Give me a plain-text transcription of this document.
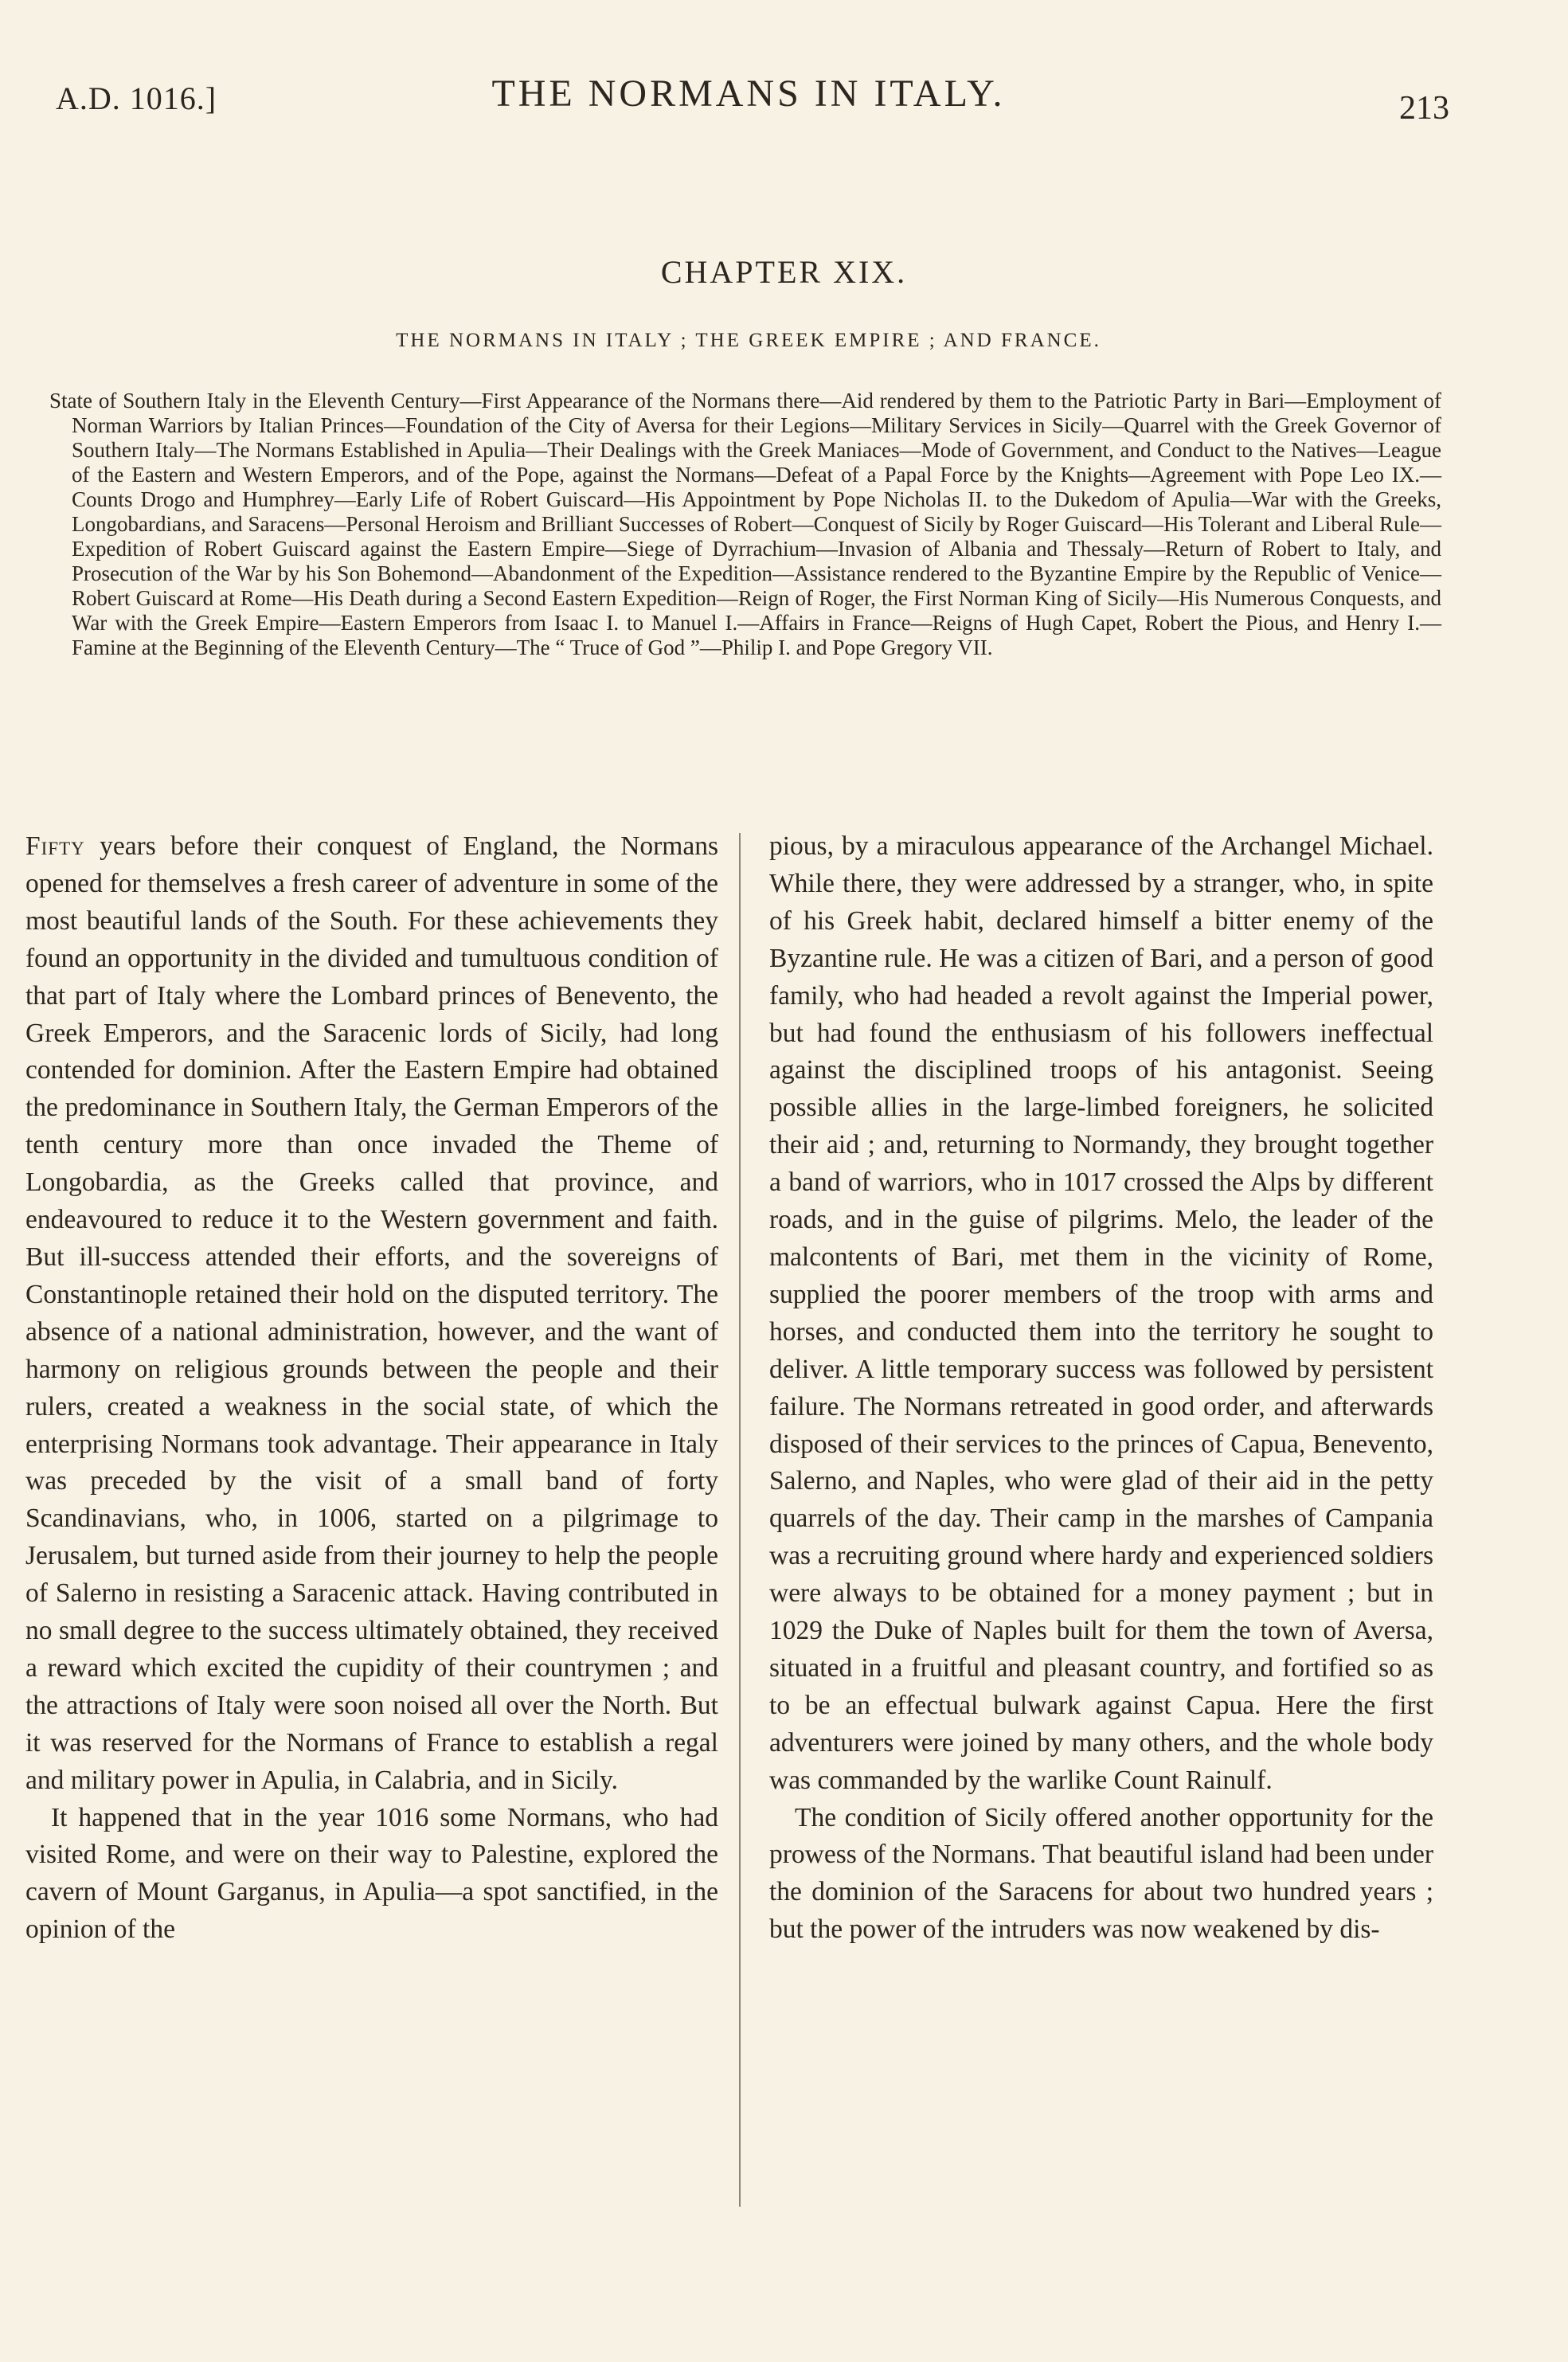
A.D. 1016.]	THE NORMANS IN ITALY.	213
CHAPTER XIX.
THE NORMANS IN ITALY ; THE GREEK EMPIRE ; AND FRANCE.
State of Southern Italy in the Eleventh Century—First Appearance of the Normans there—Aid rendered by them to the Patriotic Party in Bari—Employment of Norman Warriors by Italian Princes—Foundation of the City of Aversa for their Legions—Military Services in Sicily—Quarrel with the Greek Governor of Southern Italy—The Normans Established in Apulia—Their Dealings with the Greek Maniaces—Mode of Government, and Conduct to the Natives—League of the Eastern and Western Emperors, and of the Pope, against the Normans—Defeat of a Papal Force by the Knights—Agreement with Pope Leo IX.—Counts Drogo and Humphrey—Early Life of Robert Guiscard—His Appointment by Pope Nicholas II. to the Dukedom of Apulia—War with the Greeks, Longobardians, and Saracens—Personal Heroism and Brilliant Successes of Robert—Conquest of Sicily by Roger Guiscard—His Tolerant and Liberal Rule—Expedition of Robert Guiscard against the Eastern Empire—Siege of Dyrrachium—Invasion of Albania and Thessaly—Return of Robert to Italy, and Prosecution of the War by his Son Bohemond—Abandonment of the Expedition—Assistance rendered to the Byzantine Empire by the Republic of Venice—Robert Guiscard at Rome—His Death during a Second Eastern Expedition—Reign of Roger, the First Norman King of Sicily—His Numerous Conquests, and War with the Greek Empire—Eastern Emperors from Isaac I. to Manuel I.—Affairs in France—Reigns of Hugh Capet, Robert the Pious, and Henry I.—Famine at the Beginning of the Eleventh Century—The “ Truce of God ”—Philip I. and Pope Gregory VII.

Fifty years before their conquest of England, the Normans opened for themselves a fresh career of adventure in some of the most beautiful lands of the South. For these achievements they found an opportunity in the divided and tumultuous condition of that part of Italy where the Lombard princes of Benevento, the Greek Emperors, and the Saracenic lords of Sicily, had long contended for dominion. After the Eastern Empire had obtained the predominance in Southern Italy, the German Emperors of the tenth century more than once invaded the Theme of Longobardia, as the Greeks called that province, and endeavoured to reduce it to the Western government and faith. But ill-success attended their efforts, and the sovereigns of Constantinople retained their hold on the disputed territory. The absence of a national administration, however, and the want of harmony on religious grounds between the people and their rulers, created a weakness in the social state, of which the enterprising Normans took advantage. Their appearance in Italy was preceded by the visit of a small band of forty Scandinavians, who, in 1006, started on a pilgrimage to Jerusalem, but turned aside from their journey to help the people of Salerno in resisting a Saracenic attack. Having contributed in no small degree to the success ultimately obtained, they received a reward which excited the cupidity of their countrymen ; and the attractions of Italy were soon noised all over the North. But it was reserved for the Normans of France to establish a regal and military power in Apulia, in Calabria, and in Sicily.

It happened that in the year 1016 some Normans, who had visited Rome, and were on their way to Palestine, explored the cavern of Mount Garganus, in Apulia—a spot sanctified, in the opinion of the

pious, by a miraculous appearance of the Archangel Michael. While there, they were addressed by a stranger, who, in spite of his Greek habit, declared himself a bitter enemy of the Byzantine rule. He was a citizen of Bari, and a person of good family, who had headed a revolt against the Imperial power, but had found the enthusiasm of his followers ineffectual against the disciplined troops of his antagonist. Seeing possible allies in the large-limbed foreigners, he solicited their aid ; and, returning to Normandy, they brought together a band of warriors, who in 1017 crossed the Alps by different roads, and in the guise of pilgrims. Melo, the leader of the malcontents of Bari, met them in the vicinity of Rome, supplied the poorer members of the troop with arms and horses, and conducted them into the territory he sought to deliver. A little temporary success was followed by persistent failure. The Normans retreated in good order, and afterwards disposed of their services to the princes of Capua, Benevento, Salerno, and Naples, who were glad of their aid in the petty quarrels of the day. Their camp in the marshes of Campania was a recruiting ground where hardy and experienced soldiers were always to be obtained for a money payment ; but in 1029 the Duke of Naples built for them the town of Aversa, situated in a fruitful and pleasant country, and fortified so as to be an effectual bulwark against Capua. Here the first adventurers were joined by many others, and the whole body was commanded by the warlike Count Rainulf.

The condition of Sicily offered another opportunity for the prowess of the Normans. That beautiful island had been under the dominion of the Saracens for about two hundred years ; but the power of the intruders was now weakened by dis-
